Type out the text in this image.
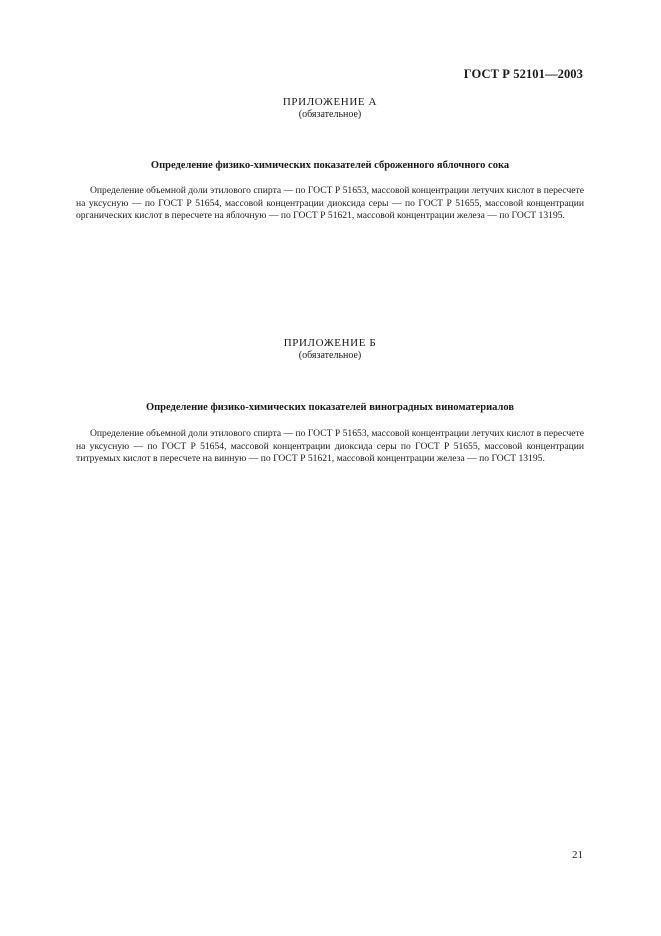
ГОСТ Р 52101—2003
ПРИЛОЖЕНИЕ А
(обязательное)
Определение физико-химических показателей сброженного яблочного сока

Определение объемной доли этилового спирта — по ГОСТ Р 51653, массовой концентрации летучих кислот в пересчете на уксусную — по ГОСТ Р 51654, массовой концентрации диоксида серы — по ГОСТ Р 51655, массовой концентрации органических кислот в пересчете на яблочную — по ГОСТ Р 51621, массовой концентрации железа — по ГОСТ 13195.

ПРИЛОЖЕНИЕ Б
(обязательное)
Определение физико-химических показателей виноградных виноматериалов

Определение объемной доли этилового спирта — по ГОСТ Р 51653, массовой концентрации летучих кислот в пересчете на уксусную — по ГОСТ Р 51654, массовой концентрации диоксида серы по ГОСТ Р 51655, массовой концентрации титруемых кислот в пересчете на винную — по ГОСТ Р 51621, массовой концентрации железа — по ГОСТ 13195.

21
